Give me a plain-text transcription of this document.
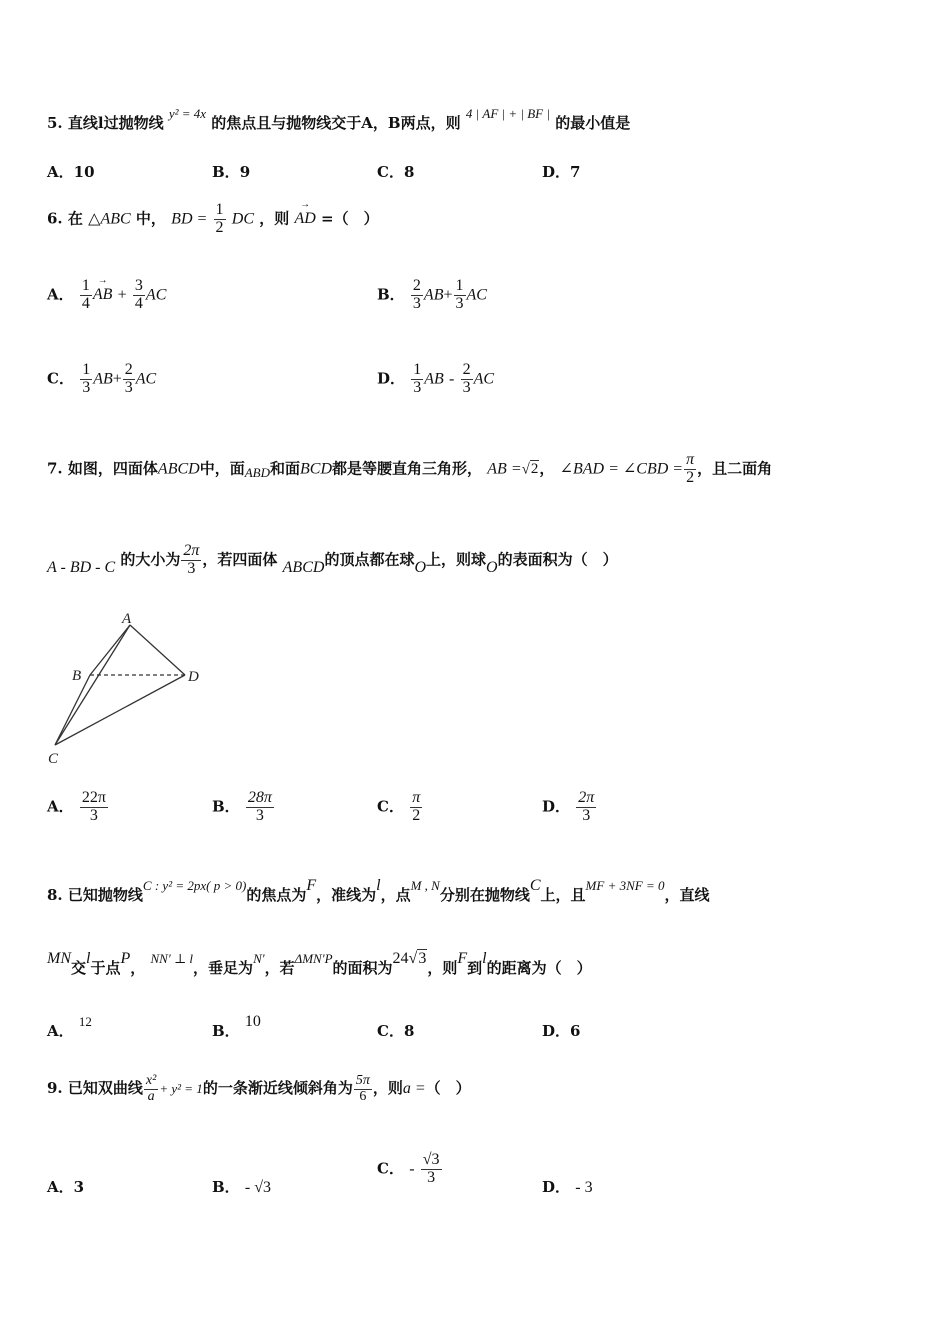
5. 直线l过抛物线 y² = 4x 的焦点且与抛物线交于A，B两点，则 4 | AF | + | BF | 的最小值是
A．10	B．9	C．8	D．7
6. 在 △ABC 中， BD = $\frac{1}{2}$ DC ，则 → AD =（　）
A． $\frac{1}{4}$ → AB + $\frac{3}{4}$ AC	B． $\frac{2}{3} AB+ \frac{1}{3}$ AC
C． $\frac{1}{3} AB+ \frac{2}{3}$ AC	D． $\frac{1}{3}$ AB - $\frac{2}{3}$ AC
7. 如图，四面体ABCD中，面ABD和面BCD都是等腰直角三角形， AB =√2， ∠BAD = ∠CBD = $\frac{\pi}{2}$ ，且二面角
A - BD - C 的大小为 $\frac{2\pi}{3}$ ，若四面体 ABCD的顶点都在球O上，则球O的表面积为（　）
A
B	D
C
A． $\frac{22\pi}{3}$	B． $\frac{28\pi}{3}$	C． $\frac{\pi}{2}$	D． $\frac{2\pi}{3}$
8. 已知抛物线C : y² = 2px( p > 0)的焦点为F，准线为l，点M , N分别在抛物线C上，且MF + 3NF = 0，直线
MN交l于点P， NN′ ⊥ l，垂足为N′，若ΔMN′P的面积为24√3，则F到l的距离为（　）
A． 12
B． 10
C．8	D．6
9. 已知双曲线 $\frac{\text{x²}}{a} + y^2 = 1$的一条渐近线倾斜角为 $\frac{5\pi}{6}$ ，则a =（　）
A．3	B． - √3
C． - $\frac{√3}{3}$
D． - 3
